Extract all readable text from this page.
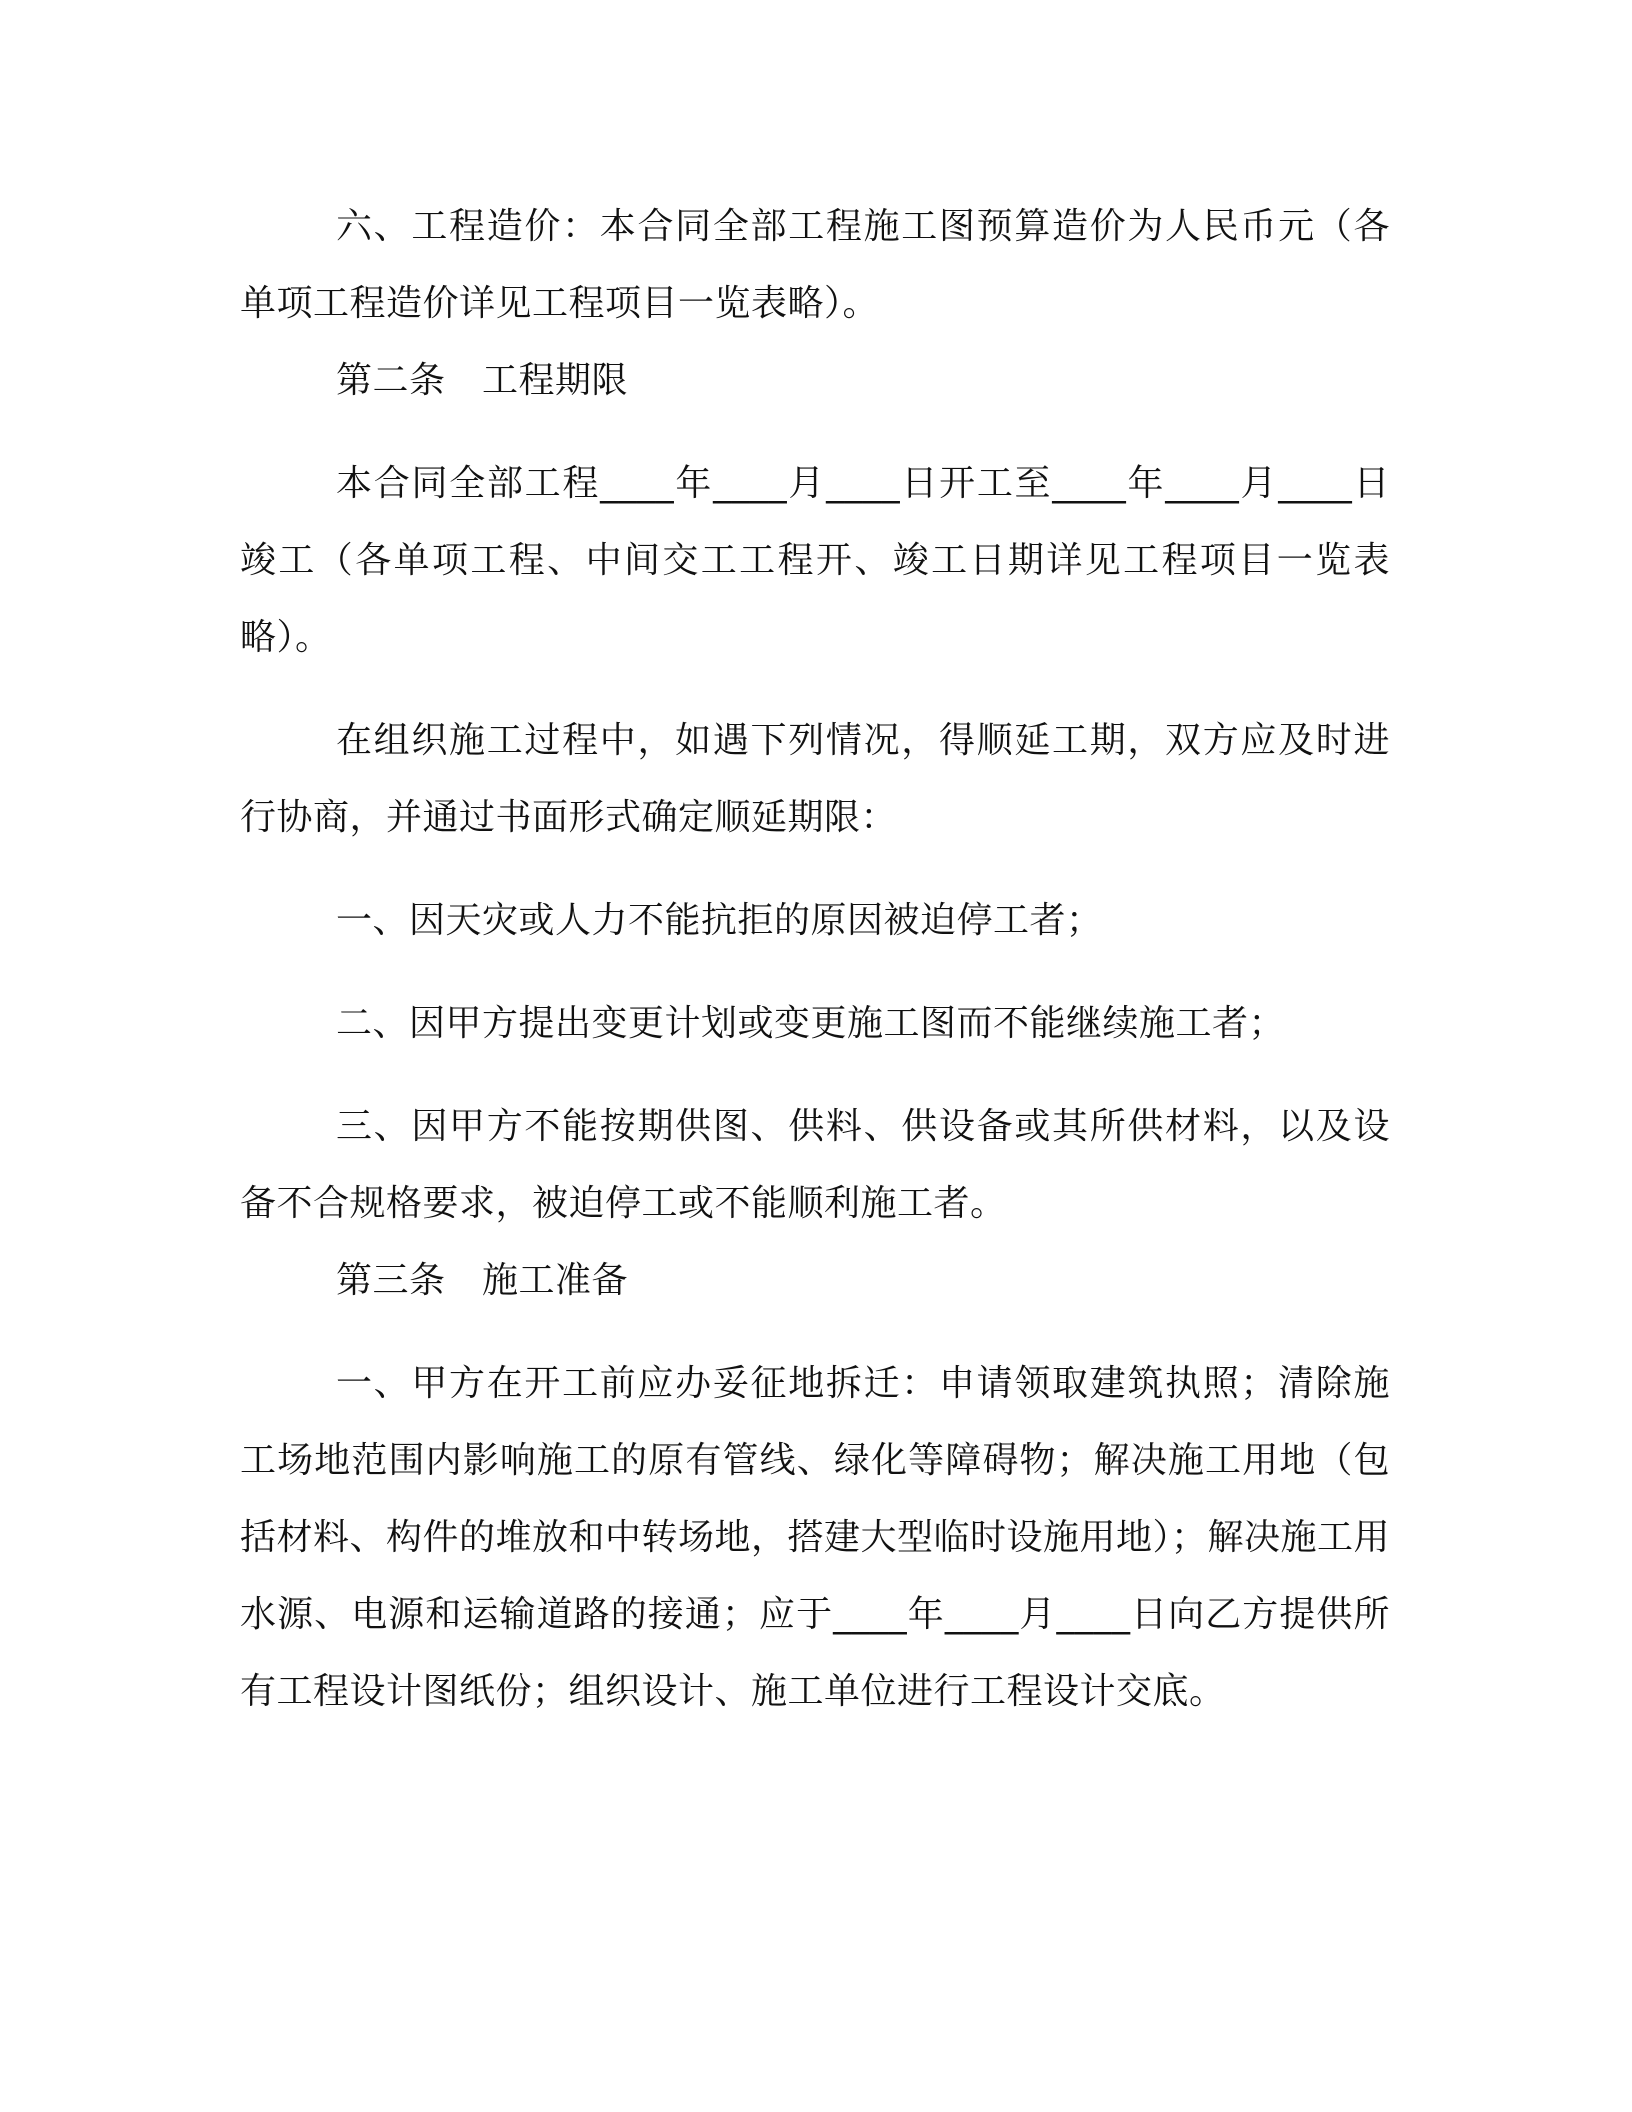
六、工程造价：本合同全部工程施工图预算造价为人民币元（各单项工程造价详见工程项目一览表略）。

第二条　工程期限

本合同全部工程____年____月____日开工至____年____月____日竣工（各单项工程、中间交工工程开、竣工日期详见工程项目一览表略）。

在组织施工过程中，如遇下列情况，得顺延工期，双方应及时进行协商，并通过书面形式确定顺延期限：

一、因天灾或人力不能抗拒的原因被迫停工者；

二、因甲方提出变更计划或变更施工图而不能继续施工者；

三、因甲方不能按期供图、供料、供设备或其所供材料，以及设备不合规格要求，被迫停工或不能顺利施工者。

第三条　施工准备

一、甲方在开工前应办妥征地拆迁：申请领取建筑执照；清除施工场地范围内影响施工的原有管线、绿化等障碍物；解决施工用地（包括材料、构件的堆放和中转场地，搭建大型临时设施用地）；解决施工用水源、电源和运输道路的接通；应于____年____月____日向乙方提供所有工程设计图纸份；组织设计、施工单位进行工程设计交底。
